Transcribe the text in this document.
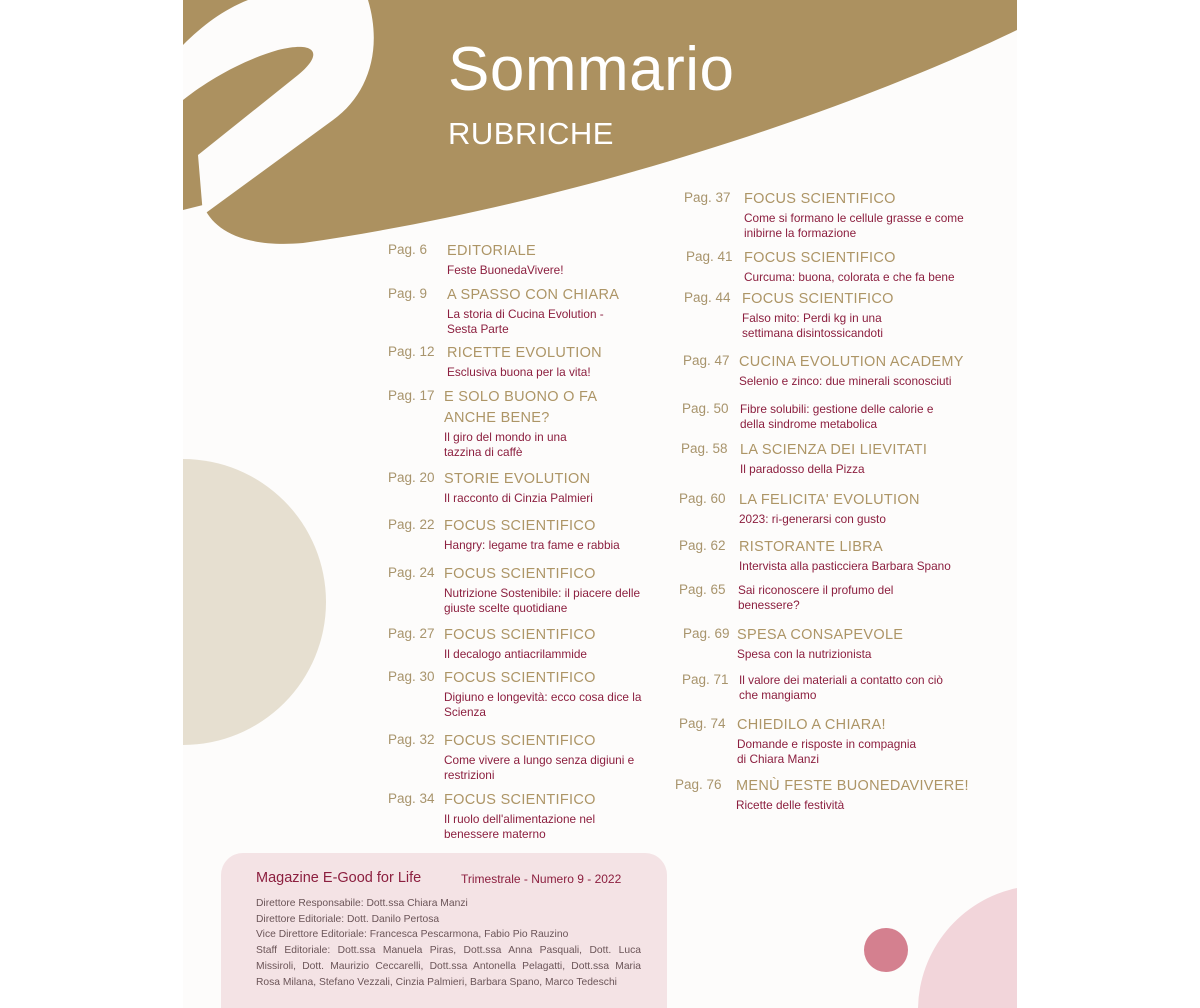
Sommario
RUBRICHE
Pag. 6 EDITORIALE
Feste BuonedaVivere!
Pag. 9 A SPASSO CON CHIARA
La storia di Cucina Evolution - Sesta Parte
Pag. 12 RICETTE EVOLUTION
Esclusiva buona per la vita!
Pag. 17 E SOLO BUONO O FA ANCHE BENE?
Il giro del mondo in una tazzina di caffè
Pag. 20 STORIE EVOLUTION
Il racconto di Cinzia Palmieri
Pag. 22 FOCUS SCIENTIFICO
Hangry: legame tra fame e rabbia
Pag. 24 FOCUS SCIENTIFICO
Nutrizione Sostenibile: il piacere delle giuste scelte quotidiane
Pag. 27 FOCUS SCIENTIFICO
Il decalogo antiacrilammide
Pag. 30 FOCUS SCIENTIFICO
Digiuno e longevità: ecco cosa dice la Scienza
Pag. 32 FOCUS SCIENTIFICO
Come vivere a lungo senza digiuni e restrizioni
Pag. 34 FOCUS SCIENTIFICO
Il ruolo dell'alimentazione nel benessere materno
Pag. 37 FOCUS SCIENTIFICO
Come si formano le cellule grasse e come inibirne la formazione
Pag. 41 FOCUS SCIENTIFICO
Curcuma: buona, colorata e che fa bene
Pag. 44 FOCUS SCIENTIFICO
Falso mito: Perdi kg in una settimana disintossicandoti
Pag. 47 CUCINA EVOLUTION ACADEMY
Selenio e zinco: due minerali sconosciuti
Pag. 50 Fibre solubili: gestione delle calorie e della sindrome metabolica
Pag. 58 LA SCIENZA DEI LIEVITATI
Il paradosso della Pizza
Pag. 60 LA FELICITA' EVOLUTION
2023: ri-generarsi con gusto
Pag. 62 RISTORANTE LIBRA
Intervista alla pasticciera Barbara Spano
Pag. 65 Sai riconoscere il profumo del benessere?
Pag. 69 SPESA CONSAPEVOLE
Spesa con la nutrizionista
Pag. 71 Il valore dei materiali a contatto con ciò che mangiamo
Pag. 74 CHIEDILO A CHIARA!
Domande e risposte in compagnia di Chiara Manzi
Pag. 76 MENÙ FESTE BUONEDAVIVERE!
Ricette delle festività
Magazine E-Good for Life	Trimestrale - Numero 9 - 2022
Direttore Responsabile: Dott.ssa Chiara Manzi
Direttore Editoriale: Dott. Danilo Pertosa
Vice Direttore Editoriale: Francesca Pescarmona, Fabio Pio Rauzino

Staff Editoriale: Dott.ssa Manuela Piras, Dott.ssa Anna Pasquali, Dott. Luca Missiroli, Dott. Maurizio Ceccarelli, Dott.ssa Antonella Pelagatti, Dott.ssa Maria Rosa Milana, Stefano Vezzali, Cinzia Palmieri, Barbara Spano, Marco Tedeschi
